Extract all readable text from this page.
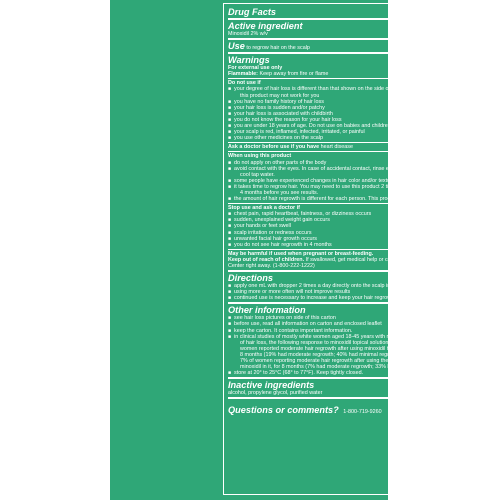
Drug Facts
Active ingredient	Purpose
Minoxidil 2% w/v	Hair regrowth treatment
Use to regrow hair on the scalp
Warnings
For external use only
Flammable: Keep away from fire or flame
Do not use if
■ your degree of hair loss is different than that shown on the side of this carton, because
this product may not work for you
■ you have no family history of hair loss
■ your hair loss is sudden and/or patchy
■ your hair loss is associated with childbirth
■ you do not know the reason for your hair loss
■ you are under 18 years of age. Do not use on babies and children.
■ your scalp is red, inflamed, infected, irritated, or painful
■ you use other medicines on the scalp
Ask a doctor before use if you have heart disease
When using this product
■ do not apply on other parts of the body
■ avoid contact with the eyes. In case of accidental contact, rinse eyes with large amounts of
cool tap water.
■ some people have experienced changes in hair color and/or texture
■ it takes time to regrow hair. You may need to use this product 2 times a day for at least
4 months before you see results.
■ the amount of hair regrowth is different for each person. This product will not work for everyone.
Stop use and ask a doctor if
■ chest pain, rapid heartbeat, faintness, or dizziness occurs
■ sudden, unexplained weight gain occurs
■ your hands or feet swell
■ scalp irritation or redness occurs
■ unwanted facial hair growth occurs
■ you do not see hair regrowth in 4 months
May be harmful if used when pregnant or breast-feeding.
Keep out of reach of children. If swallowed, get medical help or contact a Poison Control
Center right away. (1-800-222-1222)
Directions
■ apply one mL with dropper 2 times a day directly onto the scalp in the hair loss area
■ using more or more often will not improve results
■ continued use is necessary to increase and keep your hair regrowth, or hair loss will begin again
Other information
■ see hair loss pictures on side of this carton
■ before use, read all information on carton and enclosed leaflet
■ keep the carton. It contains important information.
■ in clinical studies of mostly white women aged 18-45 years with mild to moderate degrees
of hair loss, the following response to minoxidil topical solution 2% was reported: 19% of
women reported moderate hair regrowth after using minoxidil topical solution 2% for
8 months (19% had moderate regrowth; 40% had minimal regrowth). This compares with
7% of women reporting moderate hair regrowth after using the placebo, the liquid without
minoxidil in it, for 8 months (7% had moderate regrowth; 33% had minimal regrowth).
■ store at 20° to 25°C (68° to 77°F). Keep tightly closed.
Inactive ingredients
alcohol, propylene glycol, purified water
Questions or comments? 1-800-719-9260
